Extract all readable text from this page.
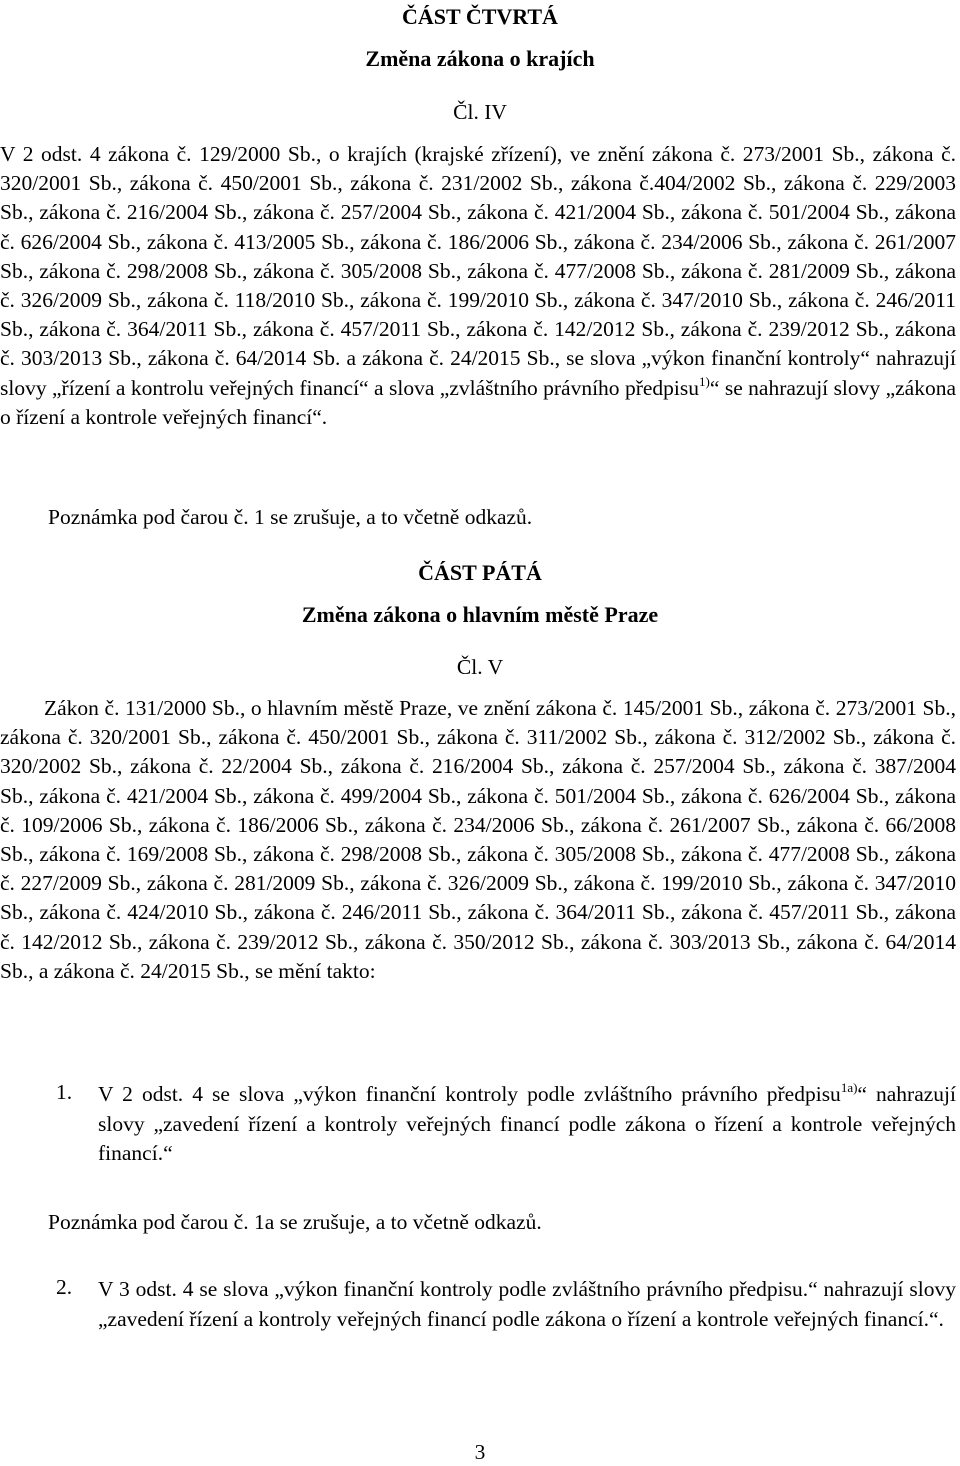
ČÁST ČTVRTÁ
Změna zákona o krajích
Čl. IV
V 2 odst. 4 zákona č. 129/2000 Sb., o krajích (krajské zřízení), ve znění zákona č. 273/2001 Sb., zákona č. 320/2001 Sb., zákona č. 450/2001 Sb., zákona č. 231/2002 Sb., zákona č.404/2002 Sb., zákona č. 229/2003 Sb., zákona č. 216/2004 Sb., zákona č. 257/2004 Sb., zákona č. 421/2004 Sb., zákona č. 501/2004 Sb., zákona č. 626/2004 Sb., zákona č. 413/2005 Sb., zákona č. 186/2006 Sb., zákona č. 234/2006 Sb., zákona č. 261/2007 Sb., zákona č. 298/2008 Sb., zákona č. 305/2008 Sb., zákona č. 477/2008 Sb., zákona č. 281/2009 Sb., zákona č. 326/2009 Sb., zákona č. 118/2010 Sb., zákona č. 199/2010 Sb., zákona č. 347/2010 Sb., zákona č. 246/2011 Sb., zákona č. 364/2011 Sb., zákona č. 457/2011 Sb., zákona č. 142/2012 Sb., zákona č. 239/2012 Sb., zákona č. 303/2013 Sb., zákona č. 64/2014 Sb. a zákona č. 24/2015 Sb., se slova „výkon finanční kontroly“ nahrazují slovy „řízení a kontrolu veřejných financí“ a slova „zvláštního právního předpisu$^{1)}$“ se nahrazují slovy „zákona o řízení a kontrole veřejných financí“.
Poznámka pod čarou č. 1 se zrušuje, a to včetně odkazů.
ČÁST PÁTÁ
Změna zákona o hlavním městě Praze
Čl. V
Zákon č. 131/2000 Sb., o hlavním městě Praze, ve znění zákona č. 145/2001 Sb., zákona č. 273/2001 Sb., zákona č. 320/2001 Sb., zákona č. 450/2001 Sb., zákona č. 311/2002 Sb., zákona č. 312/2002 Sb., zákona č. 320/2002 Sb., zákona č. 22/2004 Sb., zákona č. 216/2004 Sb., zákona č. 257/2004 Sb., zákona č. 387/2004 Sb., zákona č. 421/2004 Sb., zákona č. 499/2004 Sb., zákona č. 501/2004 Sb., zákona č. 626/2004 Sb., zákona č. 109/2006 Sb., zákona č. 186/2006 Sb., zákona č. 234/2006 Sb., zákona č. 261/2007 Sb., zákona č. 66/2008 Sb., zákona č. 169/2008 Sb., zákona č. 298/2008 Sb., zákona č. 305/2008 Sb., zákona č. 477/2008 Sb., zákona č. 227/2009 Sb., zákona č. 281/2009 Sb., zákona č. 326/2009 Sb., zákona č. 199/2010 Sb., zákona č. 347/2010 Sb., zákona č. 424/2010 Sb., zákona č. 246/2011 Sb., zákona č. 364/2011 Sb., zákona č. 457/2011 Sb., zákona č. 142/2012 Sb., zákona č. 239/2012 Sb., zákona č. 350/2012 Sb., zákona č. 303/2013 Sb., zákona č. 64/2014 Sb., a zákona č. 24/2015 Sb., se mění takto:
1.	V 2 odst. 4 se slova „výkon finanční kontroly podle zvláštního právního předpisu$^{1a)}$“ nahrazují slovy „zavedení řízení a kontroly veřejných financí podle zákona o řízení a kontrole veřejných financí.“
Poznámka pod čarou č. 1a se zrušuje, a to včetně odkazů.
2.	V 3 odst. 4 se slova „výkon finanční kontroly podle zvláštního právního předpisu.“ nahrazují slovy „zavedení řízení a kontroly veřejných financí podle zákona o řízení a kontrole veřejných financí.“.
3
